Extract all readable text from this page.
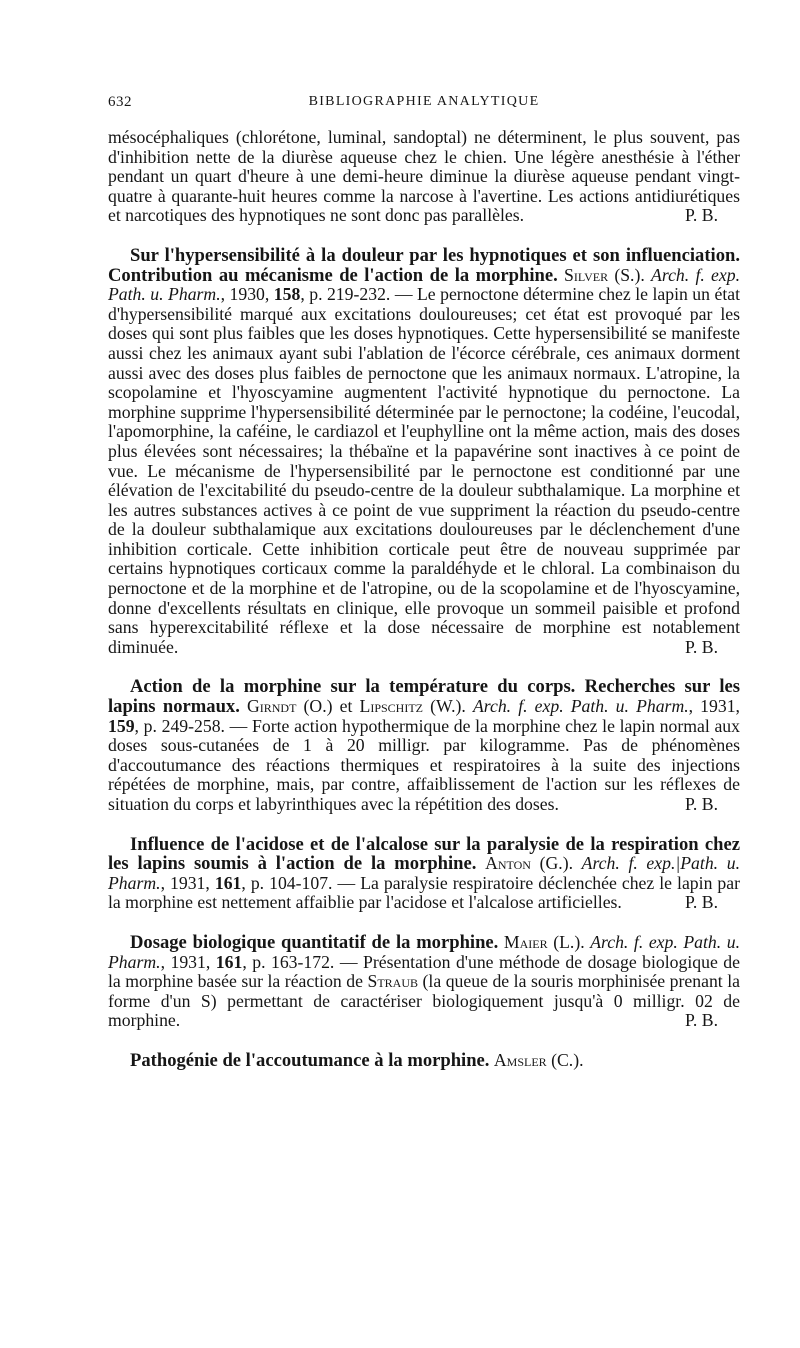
632	BIBLIOGRAPHIE ANALYTIQUE

mésocéphaliques (chlorétone, luminal, sandoptal) ne déterminent, le plus souvent, pas d'inhibition nette de la diurèse aqueuse chez le chien. Une légère anesthésie à l'éther pendant un quart d'heure à une demi-heure diminue la diurèse aqueuse pendant vingt-quatre à quarante-huit heures comme la narcose à l'avertine. Les actions antidiurétiques et narcotiques des hypnotiques ne sont donc pas parallèles.	P. B.

Sur l'hypersensibilité à la douleur par les hypnotiques et son influenciation. Contribution au mécanisme de l'action de la morphine. Silver (S.). Arch. f. exp. Path. u. Pharm., 1930, 158, p. 219-232. — Le pernoctone détermine chez le lapin un état d'hypersensibilité marqué aux excitations douloureuses; cet état est provoqué par les doses qui sont plus faibles que les doses hypnotiques. Cette hypersensibilité se manifeste aussi chez les animaux ayant subi l'ablation de l'écorce cérébrale, ces animaux dorment aussi avec des doses plus faibles de pernoctone que les animaux normaux. L'atropine, la scopolamine et l'hyoscyamine augmentent l'activité hypnotique du pernoctone. La morphine supprime l'hypersensibilité déterminée par le pernoctone; la codéine, l'eucodal, l'apomorphine, la caféine, le cardiazol et l'euphylline ont la même action, mais des doses plus élevées sont nécessaires; la thébaïne et la papavérine sont inactives à ce point de vue. Le mécanisme de l'hypersensibilité par le pernoctone est conditionné par une élévation de l'excitabilité du pseudo-centre de la douleur subthalamique. La morphine et les autres substances actives à ce point de vue suppriment la réaction du pseudo-centre de la douleur subthalamique aux excitations douloureuses par le déclenchement d'une inhibition corticale. Cette inhibition corticale peut être de nouveau supprimée par certains hypnotiques corticaux comme la paraldéhyde et le chloral. La combinaison du pernoctone et de la morphine et de l'atropine, ou de la scopolamine et de l'hyoscyamine, donne d'excellents résultats en clinique, elle provoque un sommeil paisible et profond sans hyperexcitabilité réflexe et la dose nécessaire de morphine est notablement diminuée.	P. B.

Action de la morphine sur la température du corps. Recherches sur les lapins normaux. Girndt (O.) et Lipschitz (W.). Arch. f. exp. Path. u. Pharm., 1931, 159, p. 249-258. — Forte action hypothermique de la morphine chez le lapin normal aux doses sous-cutanées de 1 à 20 milligr. par kilogramme. Pas de phénomènes d'accoutumance des réactions thermiques et respiratoires à la suite des injections répétées de morphine, mais, par contre, affaiblissement de l'action sur les réflexes de situation du corps et labyrinthiques avec la répétition des doses.	P. B.

Influence de l'acidose et de l'alcalose sur la paralysie de la respiration chez les lapins soumis à l'action de la morphine. Anton (G.). Arch. f. exp.|Path. u. Pharm., 1931, 161, p. 104-107. — La paralysie respiratoire déclenchée chez le lapin par la morphine est nettement affaiblie par l'acidose et l'alcalose artificielles.	P. B.

Dosage biologique quantitatif de la morphine. Maier (L.). Arch. f. exp. Path. u. Pharm., 1931, 161, p. 163-172. — Présentation d'une méthode de dosage biologique de la morphine basée sur la réaction de Straub (la queue de la souris morphinisée prenant la forme d'un S) permettant de caractériser biologiquement jusqu'à 0 milligr. 02 de morphine.	P. B.

Pathogénie de l'accoutumance à la morphine. Amsler (C.).
